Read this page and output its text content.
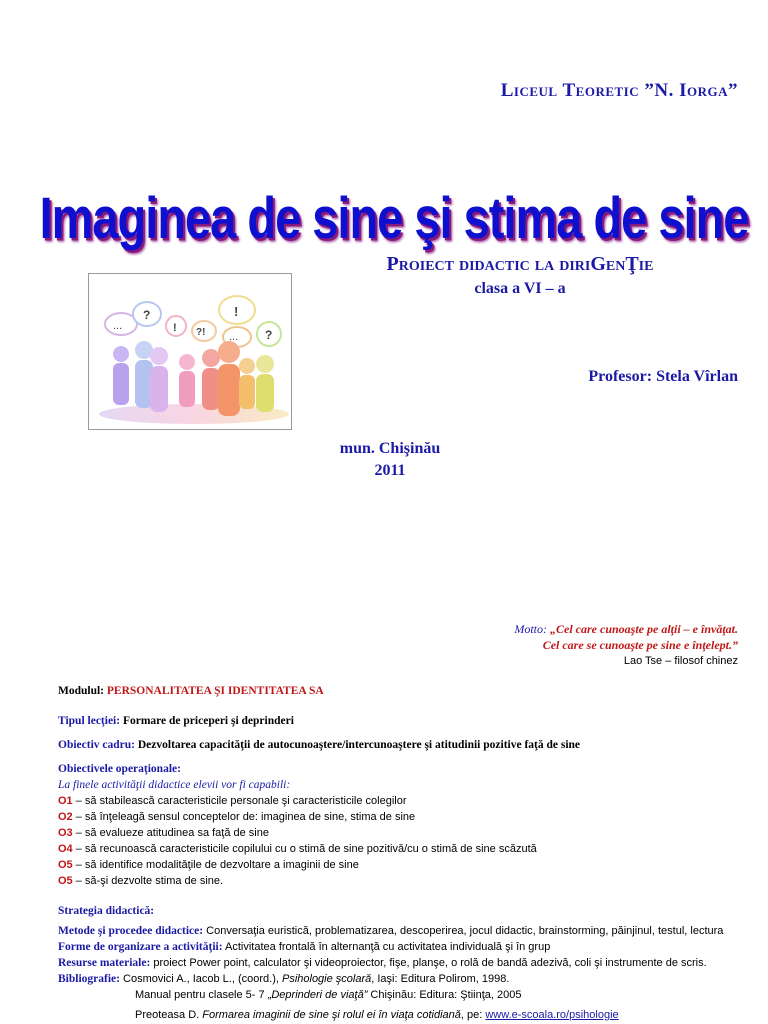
Liceul Teoretic ”N. Iorga”
Imaginea de sine şi stima de sine
Proiect didactic la diriGenŢie
clasa a VI – a
...
?
! ?!
!
... ?
Profesor: Stela Vîrlan
mun. Chişinău
2011
Motto: „Cel care cunoaşte pe alţii – e învăţat.
Cel care se cunoaşte pe sine e înţelept.”
Lao Tse – filosof chinez

Modulul: PERSONALITATEA ŞI IDENTITATEA SA

Tipul lecţiei: Formare de priceperi şi deprinderi

Obiectiv cadru: Dezvoltarea capacităţii de autocunoaştere/intercunoaştere şi atitudinii pozitive faţă de sine

Obiectivele operaţionale:

La finele activităţii didactice elevii vor fi capabili:

O1 – să stabilească caracteristicile personale şi caracteristicile colegilor

O2 – să înţeleagă sensul conceptelor de: imaginea de sine, stima de sine

O3 – să evalueze atitudinea sa faţă de sine

O4 – să recunoască caracteristicile copilului cu o stimă de sine pozitivă/cu o stimă de sine scăzută

O5 – să identifice modalităţile de dezvoltare a imaginii de sine

O5 – să-şi dezvolte stima de sine.

Strategia didactică:

Metode şi procedee didactice: Conversaţia euristică, problematizarea, descoperirea, jocul didactic, brainstorming, păinjinul, testul, lectura

Forme de organizare a activităţii: Activitatea frontală în alternanţă cu activitatea individuală şi în grup

Resurse materiale: proiect Power point, calculator şi videoproiector, fişe, planşe, o rolă de bandă adezivă, coli şi instrumente de scris.

Bibliografie: Cosmovici A., Iacob L., (coord.), Psihologie şcolară, Iaşi: Editura Polirom, 1998.

Manual pentru clasele 5- 7 „Deprinderi de viaţă” Chişinău: Editura: Ştiinţa, 2005

Preoteasa D. Formarea imaginii de sine şi rolul ei în viaţa cotidiană, pe: www.e-scoala.ro/psihologie
